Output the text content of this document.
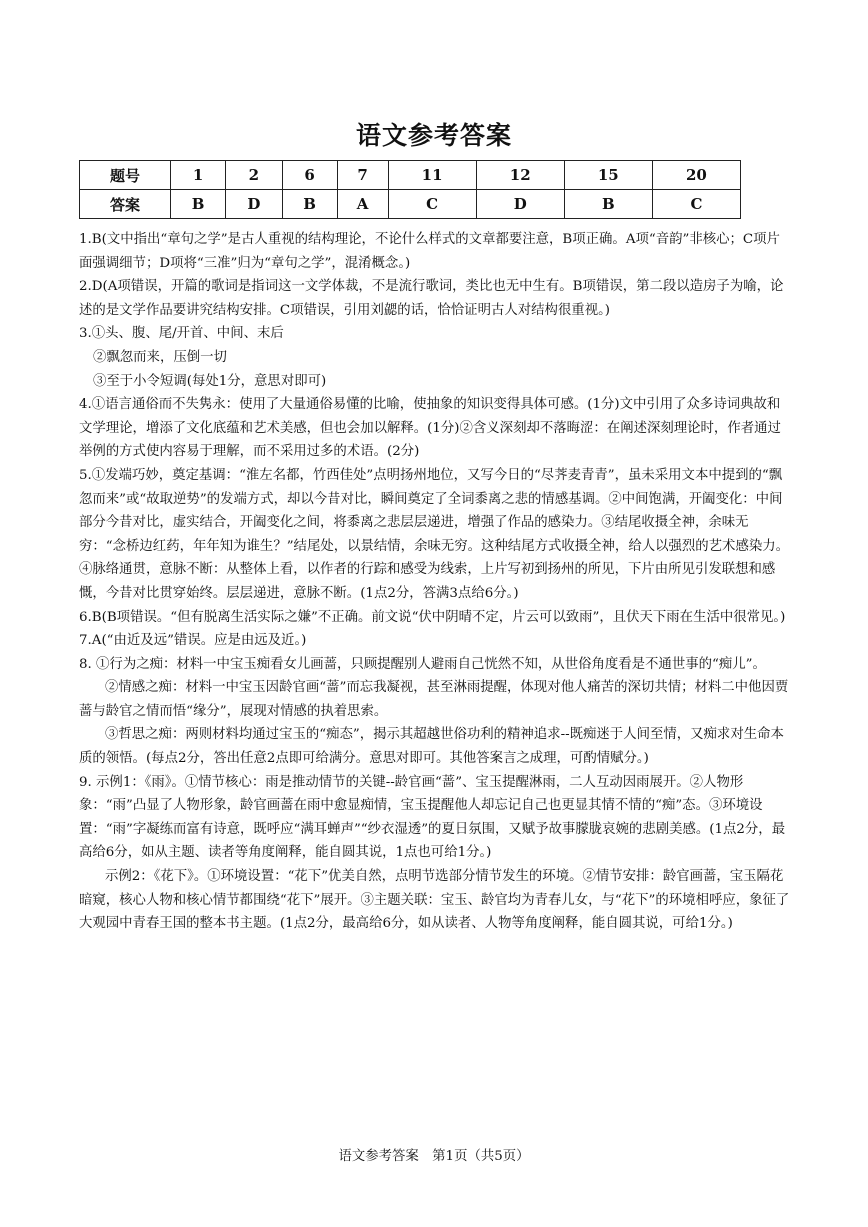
语文参考答案
题号	1	2	6	7	11	12	15	20
答案	B	D	B	A	C	D	B	C

1.B(文中指出“章句之学”是古人重视的结构理论，不论什么样式的文章都要注意，B项正确。A项“音韵”非核心；C项片面强调细节；D项将“三准”归为“章句之学”，混淆概念。)

2.D(A项错误，开篇的歌词是指词这一文学体裁，不是流行歌词，类比也无中生有。B项错误，第二段以造房子为喻，论述的是文学作品要讲究结构安排。C项错误，引用刘勰的话，恰恰证明古人对结构很重视。)

3.①头、腹、尾/开首、中间、末后

②飘忽而来，压倒一切

③至于小令短调(每处1分，意思对即可)

4.①语言通俗而不失隽永：使用了大量通俗易懂的比喻，使抽象的知识变得具体可感。(1分)文中引用了众多诗词典故和文学理论，增添了文化底蕴和艺术美感，但也会加以解释。(1分)②含义深刻却不落晦涩：在阐述深刻理论时，作者通过举例的方式使内容易于理解，而不采用过多的术语。(2分)

5.①发端巧妙，奠定基调：“淮左名都，竹西佳处”点明扬州地位，又写今日的“尽荠麦青青”，虽未采用文本中提到的“飘忽而来”或“故取逆势”的发端方式，却以今昔对比，瞬间奠定了全词黍离之悲的情感基调。②中间饱满，开阖变化：中间部分今昔对比，虚实结合，开阖变化之间，将黍离之悲层层递进，增强了作品的感染力。③结尾收摄全神，余味无穷：“念桥边红药，年年知为谁生？”结尾处，以景结情，余味无穷。这种结尾方式收摄全神，给人以强烈的艺术感染力。④脉络通贯，意脉不断：从整体上看，以作者的行踪和感受为线索，上片写初到扬州的所见，下片由所见引发联想和感慨，今昔对比贯穿始终。层层递进，意脉不断。(1点2分，答满3点给6分。)

6.B(B项错误。“但有脱离生活实际之嫌”不正确。前文说“伏中阴晴不定，片云可以致雨”，且伏天下雨在生活中很常见。)

7.A(“由近及远”错误。应是由远及近。)

8. ①行为之痴：材料一中宝玉痴看女儿画蔷，只顾提醒别人避雨自己恍然不知，从世俗角度看是不通世事的“痴儿”。

②情感之痴：材料一中宝玉因龄官画“蔷”而忘我凝视，甚至淋雨提醒，体现对他人痛苦的深切共情；材料二中他因贾蔷与龄官之情而悟“缘分”，展现对情感的执着思索。

③哲思之痴：两则材料均通过宝玉的“痴态”，揭示其超越世俗功利的精神追求--既痴迷于人间至情，又痴求对生命本质的领悟。(每点2分，答出任意2点即可给满分。意思对即可。其他答案言之成理，可酌情赋分。)

9. 示例1：《雨》。①情节核心：雨是推动情节的关键--龄官画“蔷”、宝玉提醒淋雨，二人互动因雨展开。②人物形象：“雨”凸显了人物形象，龄官画蔷在雨中愈显痴情，宝玉提醒他人却忘记自己也更显其情不情的“痴”态。③环境设置：“雨”字凝练而富有诗意，既呼应“满耳蝉声”“纱衣湿透”的夏日氛围，又赋予故事朦胧哀婉的悲剧美感。(1点2分，最高给6分，如从主题、读者等角度阐释，能自圆其说，1点也可给1分。)

示例2：《花下》。①环境设置：“花下”优美自然，点明节选部分情节发生的环境。②情节安排：龄官画蔷，宝玉隔花暗窥，核心人物和核心情节都围绕“花下”展开。③主题关联：宝玉、龄官均为青春儿女，与“花下”的环境相呼应，象征了大观园中青春王国的整本书主题。(1点2分，最高给6分，如从读者、人物等角度阐释，能自圆其说，可给1分。)

语文参考答案　第1页（共5页）
